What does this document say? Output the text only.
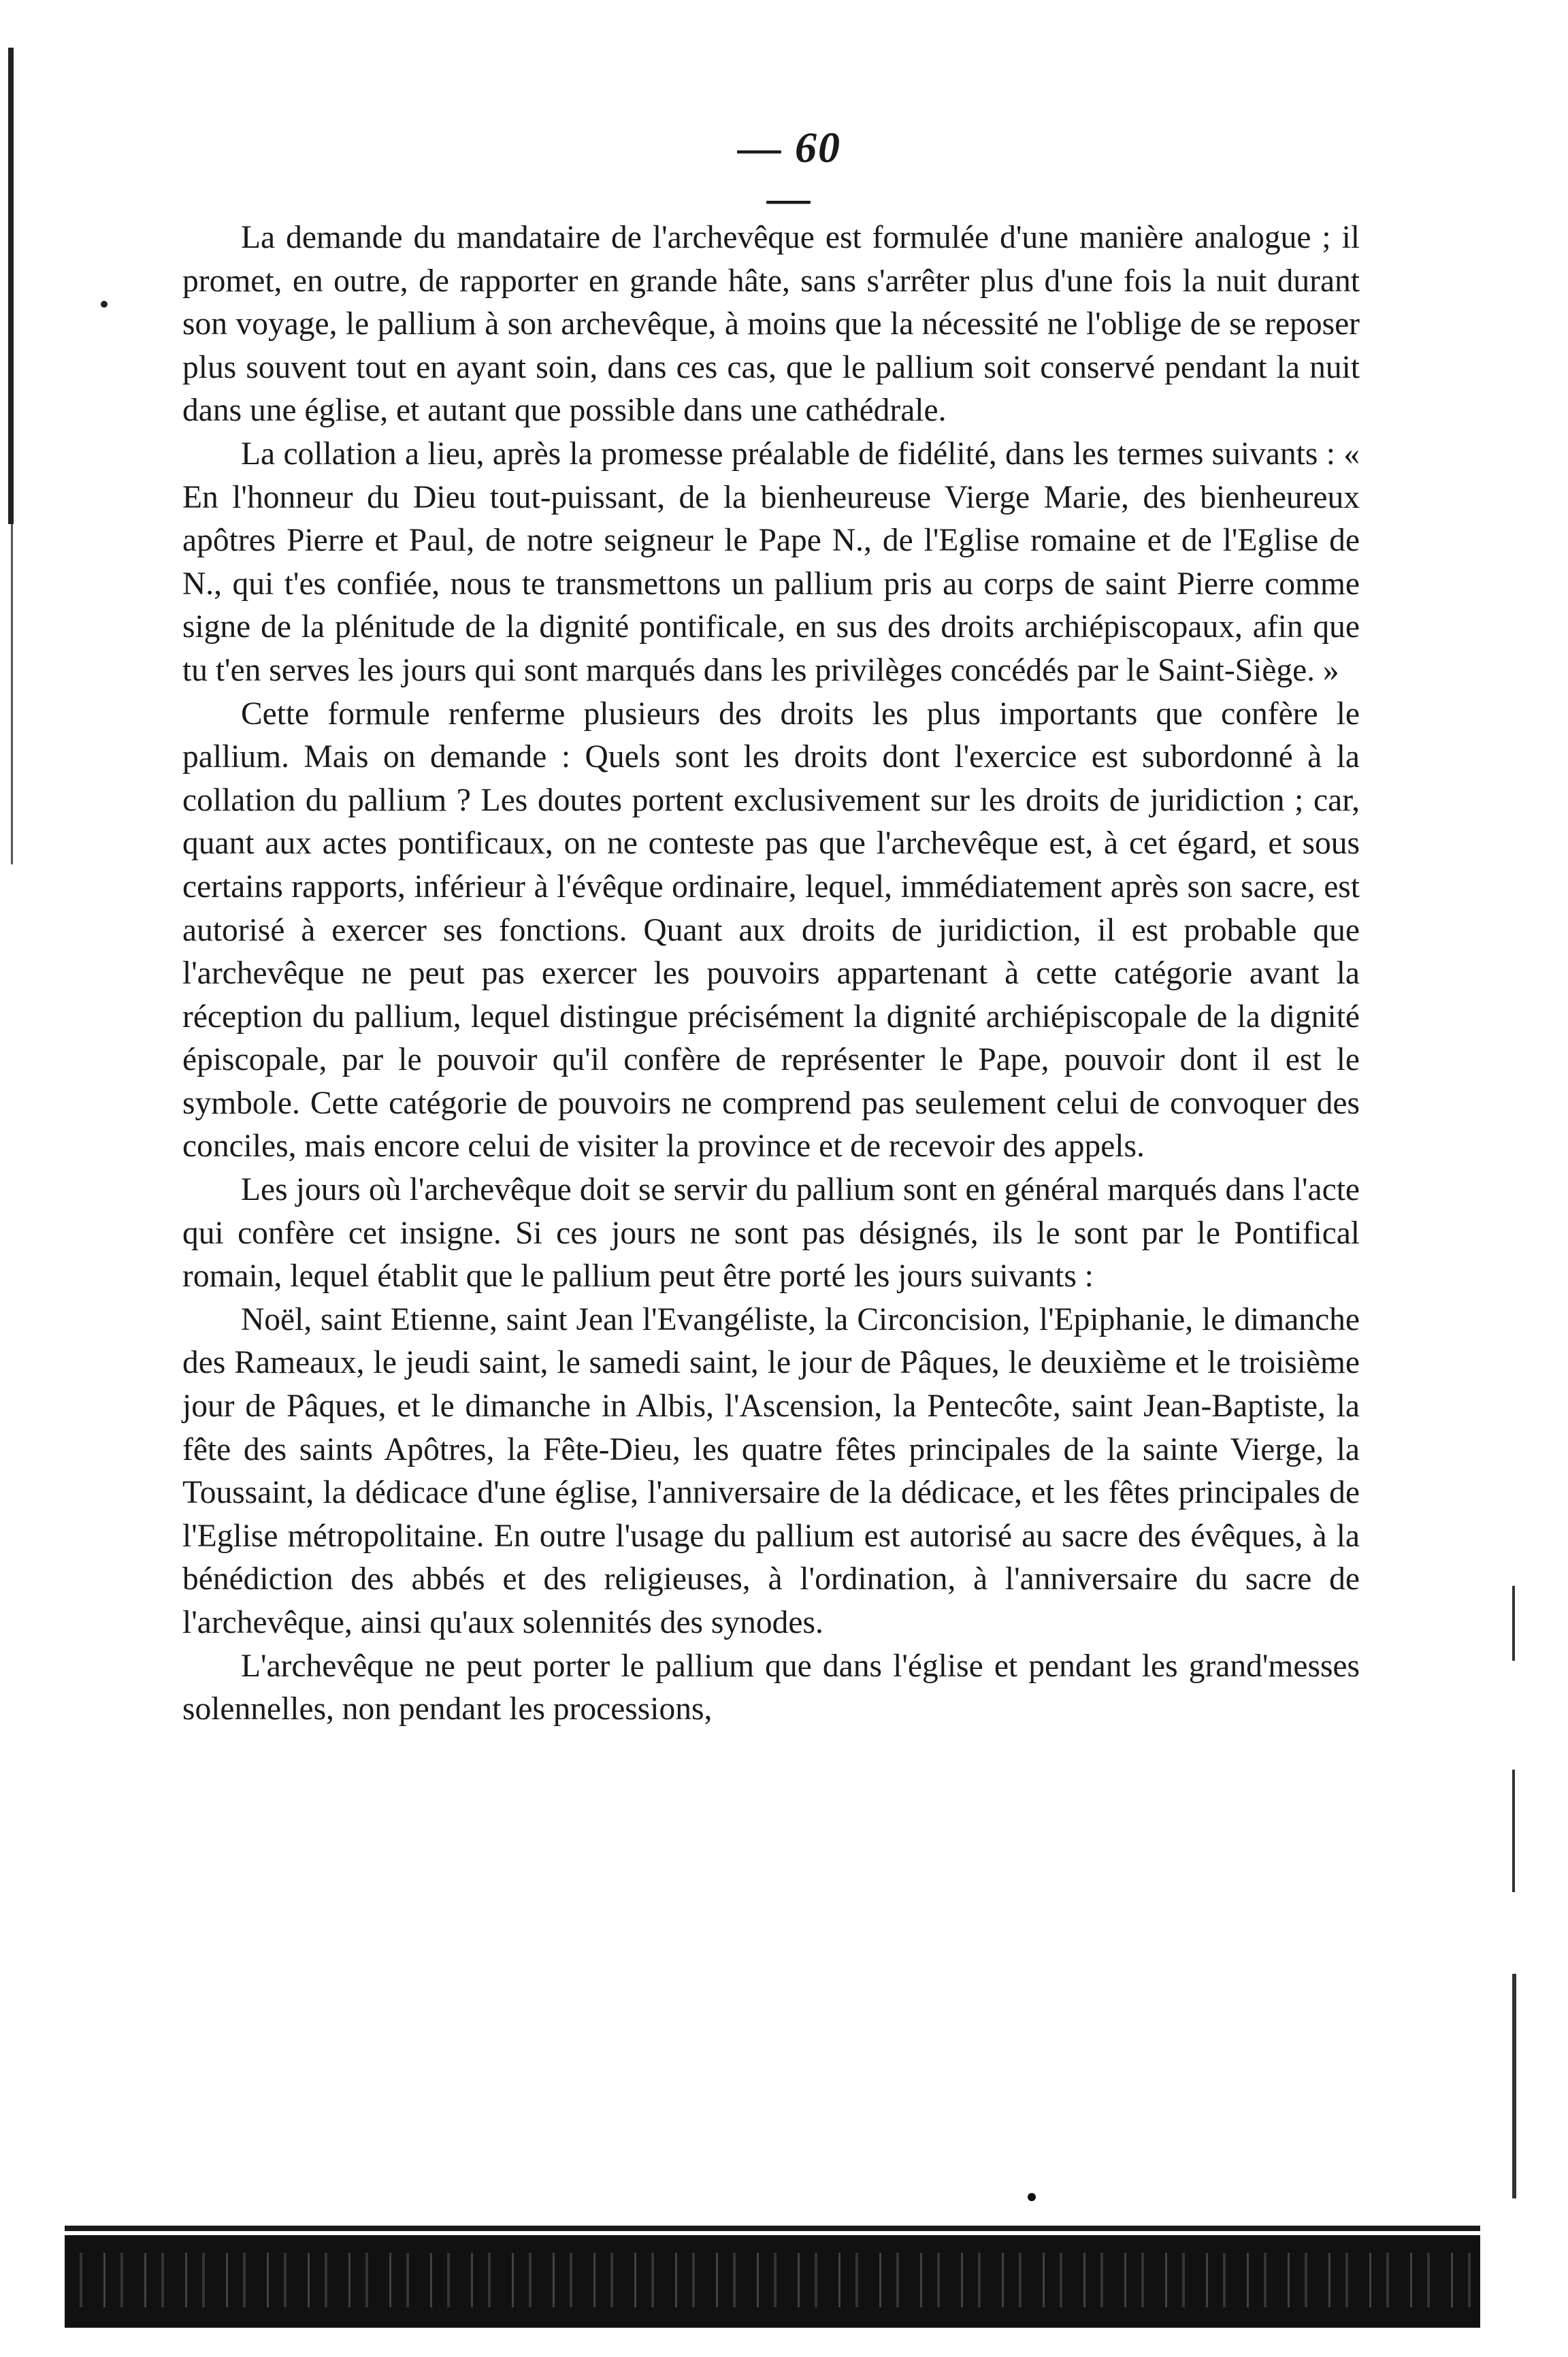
— 60 —

La demande du mandataire de l'archevêque est formulée d'une manière analogue ; il promet, en outre, de rapporter en grande hâte, sans s'arrêter plus d'une fois la nuit durant son voyage, le pallium à son archevêque, à moins que la nécessité ne l'oblige de se reposer plus souvent tout en ayant soin, dans ces cas, que le pallium soit conservé pendant la nuit dans une église, et autant que possible dans une cathédrale.

La collation a lieu, après la promesse préalable de fidélité, dans les termes suivants : « En l'honneur du Dieu tout-puissant, de la bienheureuse Vierge Marie, des bienheureux apôtres Pierre et Paul, de notre seigneur le Pape N., de l'Eglise romaine et de l'Eglise de N., qui t'es confiée, nous te transmettons un pallium pris au corps de saint Pierre comme signe de la plénitude de la dignité pontificale, en sus des droits archiépiscopaux, afin que tu t'en serves les jours qui sont marqués dans les privilèges concédés par le Saint-Siège. »

Cette formule renferme plusieurs des droits les plus importants que confère le pallium. Mais on demande : Quels sont les droits dont l'exercice est subordonné à la collation du pallium ? Les doutes portent exclusivement sur les droits de juridiction ; car, quant aux actes pontificaux, on ne conteste pas que l'archevêque est, à cet égard, et sous certains rapports, inférieur à l'évêque ordinaire, lequel, immédiatement après son sacre, est autorisé à exercer ses fonctions. Quant aux droits de juridiction, il est probable que l'archevêque ne peut pas exercer les pouvoirs appartenant à cette catégorie avant la réception du pallium, lequel distingue précisément la dignité archiépiscopale de la dignité épiscopale, par le pouvoir qu'il confère de représenter le Pape, pouvoir dont il est le symbole. Cette catégorie de pouvoirs ne comprend pas seulement celui de convoquer des conciles, mais encore celui de visiter la province et de recevoir des appels.

Les jours où l'archevêque doit se servir du pallium sont en général marqués dans l'acte qui confère cet insigne. Si ces jours ne sont pas désignés, ils le sont par le Pontifical romain, lequel établit que le pallium peut être porté les jours suivants :

Noël, saint Etienne, saint Jean l'Evangéliste, la Circoncision, l'Epiphanie, le dimanche des Rameaux, le jeudi saint, le samedi saint, le jour de Pâques, le deuxième et le troisième jour de Pâques, et le dimanche in Albis, l'Ascension, la Pentecôte, saint Jean-Baptiste, la fête des saints Apôtres, la Fête-Dieu, les quatre fêtes principales de la sainte Vierge, la Toussaint, la dédicace d'une église, l'anniversaire de la dédicace, et les fêtes principales de l'Eglise métropolitaine. En outre l'usage du pallium est autorisé au sacre des évêques, à la bénédiction des abbés et des religieuses, à l'ordination, à l'anniversaire du sacre de l'archevêque, ainsi qu'aux solennités des synodes.

L'archevêque ne peut porter le pallium que dans l'église et pendant les grand'messes solennelles, non pendant les processions,
